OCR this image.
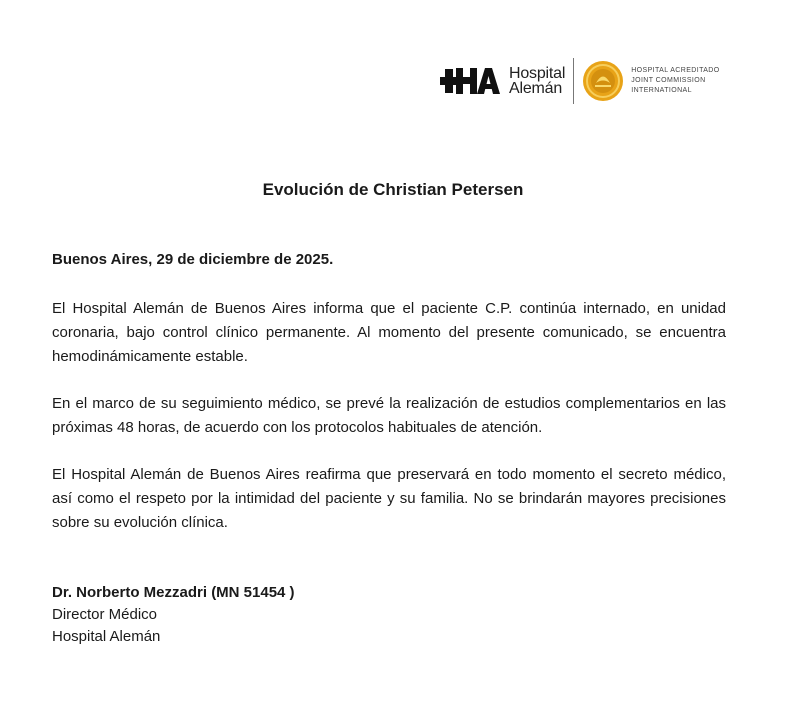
Hospital
Alemán
HOSPITAL ACREDITADO
JOINT COMMISSION
INTERNATIONAL
Evolución de Christian Petersen
Buenos Aires, 29 de diciembre de 2025.

El Hospital Alemán de Buenos Aires informa que el paciente C.P. continúa internado, en unidad coronaria, bajo control clínico permanente. Al momento del presente comunicado, se encuentra hemodinámicamente estable.

En el marco de su seguimiento médico, se prevé la realización de estudios complementarios en las próximas 48 horas, de acuerdo con los protocolos habituales de atención.

El Hospital Alemán de Buenos Aires reafirma que preservará en todo momento el secreto médico, así como el respeto por la intimidad del paciente y su familia. No se brindarán mayores precisiones sobre su evolución clínica.

Dr. Norberto Mezzadri (MN 51454 )
Director Médico
Hospital Alemán
